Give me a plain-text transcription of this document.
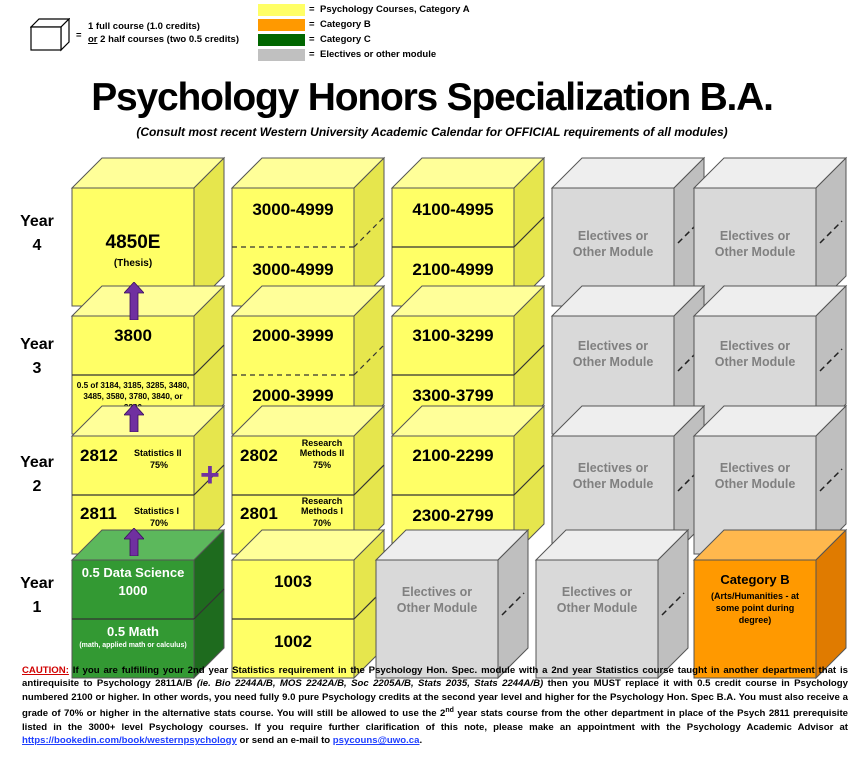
=
1 full course (1.0 credits)
or 2 half courses (two 0.5 credits)
= Psychology Courses, Category A
= Category B
= Category C
= Electives or other module
Psychology Honors Specialization B.A.
(Consult most recent Western University Academic Calendar for OFFICIAL requirements of all modules)
Year
4
Year
3
Year
2
Year
1
4850E
(Thesis)
3000-4999
3000-4999
4100-4995
2100-4999
Electives or
Other Module
Electives or
Other Module
3800
0.5 of 3184, 3185, 3285, 3480, 3485, 3580, 3780, 3840, or
2000-3999
2000-3999
3100-3299
3300-3799
Electives or
Other Module
Electives or
Other Module
2812	Statistics II
75%
2811	Statistics I
70%
2802
Research
Methods II
75%
2801
Research
Methods I
70%
2100-2299
2300-2799
Electives or
Other Module
Electives or
Other Module
+
0.5 Data Science
1000
0.5 Math
(math, applied math or calculus)
1003
1002
Electives or
Other Module
Electives or
Other Module
Category B
(Arts/Humanities - at
some point during
degree)
CAUTION: If you are fulfilling your 2nd year Statistics requirement in the Psychology Hon. Spec. module with a 2nd year Statistics course taught in another department that is antirequisite to Psychology 2811A/B (ie. Bio 2244A/B, MOS 2242A/B, Soc 2205A/B, Stats 2035, Stats 2244A/B) then you MUST replace it with 0.5 credit course in Psychology numbered 2100 or higher. In other words, you need fully 9.0 pure Psychology credits at the second year level and higher for the Psychology Hon. Spec B.A. You must also receive a grade of 70% or higher in the alternative stats course. You will still be allowed to use the 2nd year stats course from the other department in place of the Psych 2811 prerequisite listed in the 3000+ level Psychology courses. If you require further clarification of this note, please make an appointment with the Psychology Academic Advisor at https://bookedin.com/book/westernpsychology or send an e-mail to psycouns@uwo.ca.
